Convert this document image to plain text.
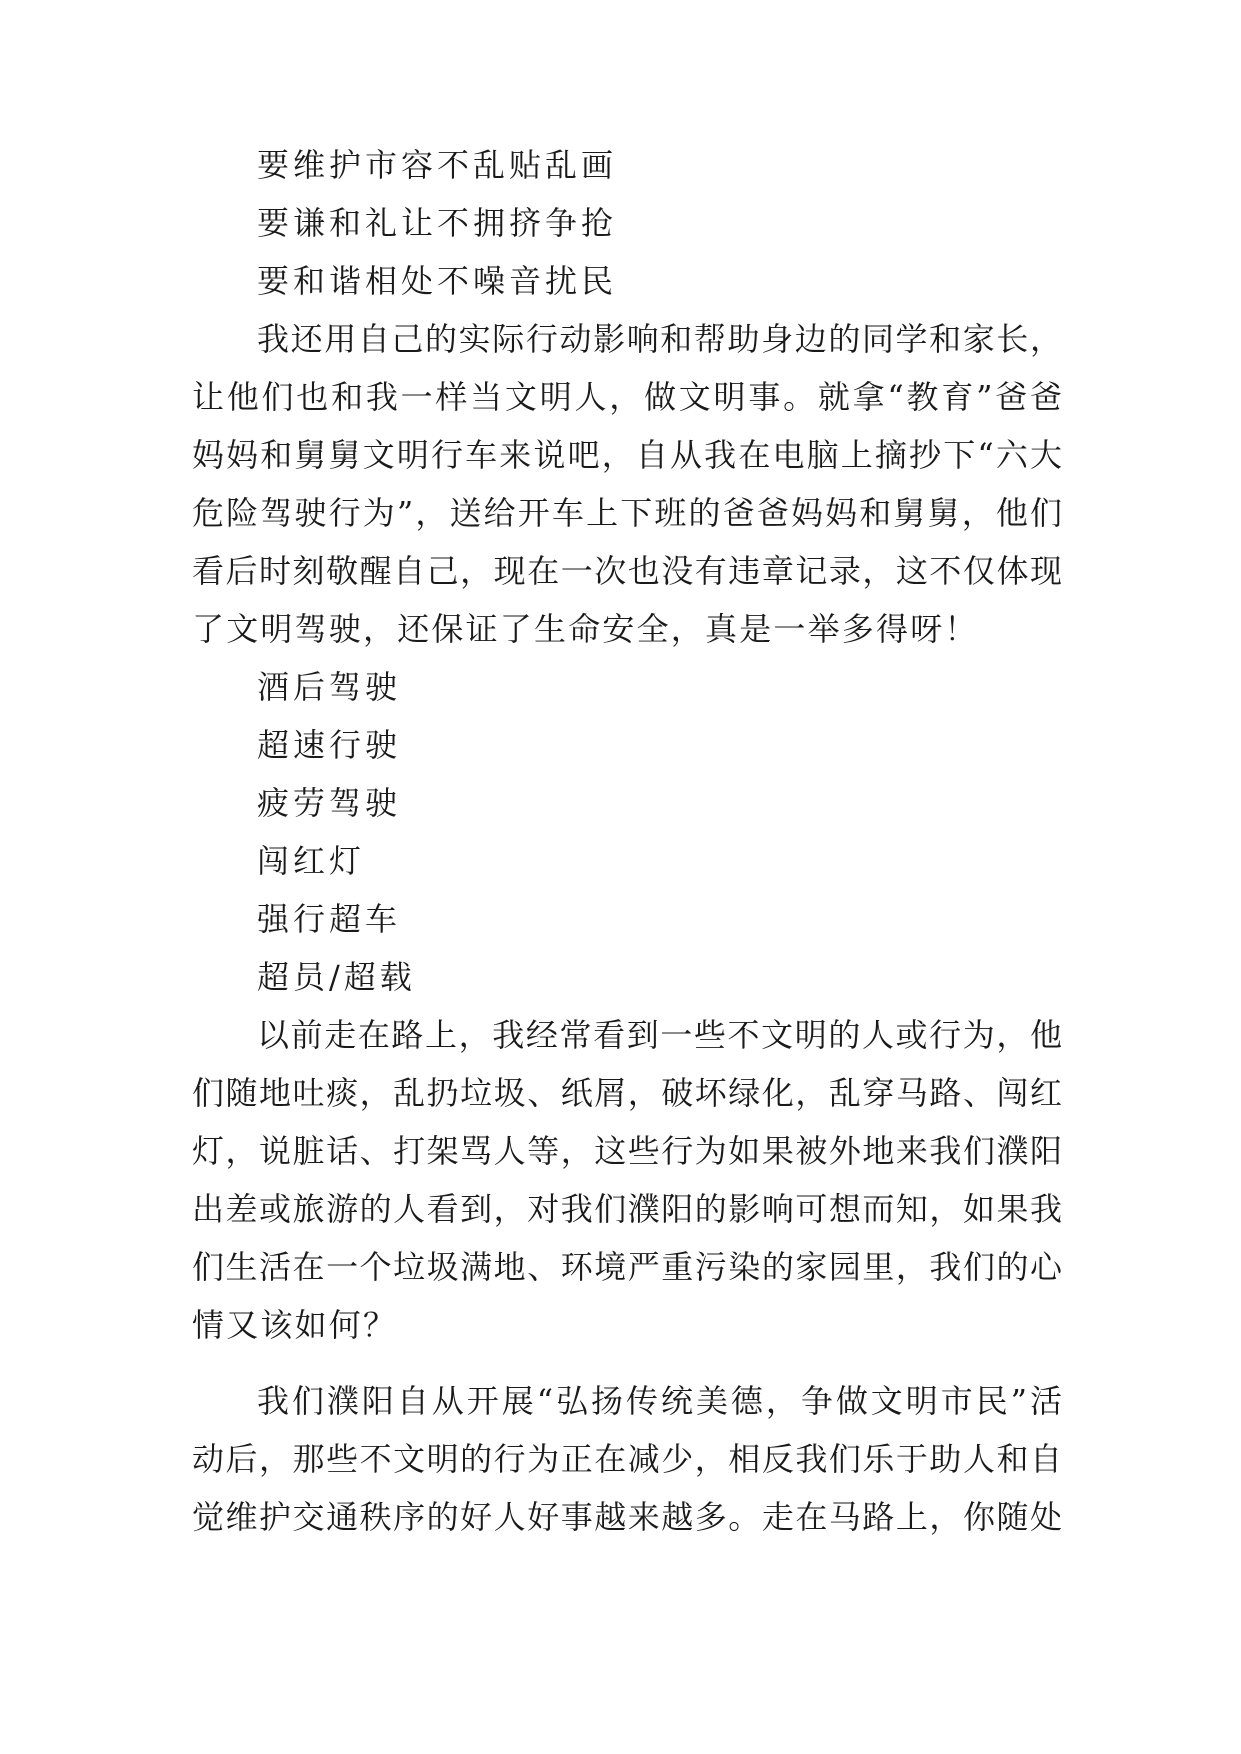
要维护市容不乱贴乱画
要谦和礼让不拥挤争抢
要和谐相处不噪音扰民
我还用自己的实际行动影响和帮助身边的同学和家长，
让他们也和我一样当文明人，做文明事。就拿“教育”爸爸
妈妈和舅舅文明行车来说吧，自从我在电脑上摘抄下“六大
危险驾驶行为”，送给开车上下班的爸爸妈妈和舅舅，他们
看后时刻敬醒自己，现在一次也没有违章记录，这不仅体现
了文明驾驶，还保证了生命安全，真是一举多得呀！
酒后驾驶
超速行驶
疲劳驾驶
闯红灯
强行超车
超员/超载
以前走在路上，我经常看到一些不文明的人或行为，他
们随地吐痰，乱扔垃圾、纸屑，破坏绿化，乱穿马路、闯红
灯，说脏话、打架骂人等，这些行为如果被外地来我们濮阳
出差或旅游的人看到，对我们濮阳的影响可想而知，如果我
们生活在一个垃圾满地、环境严重污染的家园里，我们的心
情又该如何？
我们濮阳自从开展“弘扬传统美德，争做文明市民”活
动后，那些不文明的行为正在减少，相反我们乐于助人和自
觉维护交通秩序的好人好事越来越多。走在马路上，你随处
